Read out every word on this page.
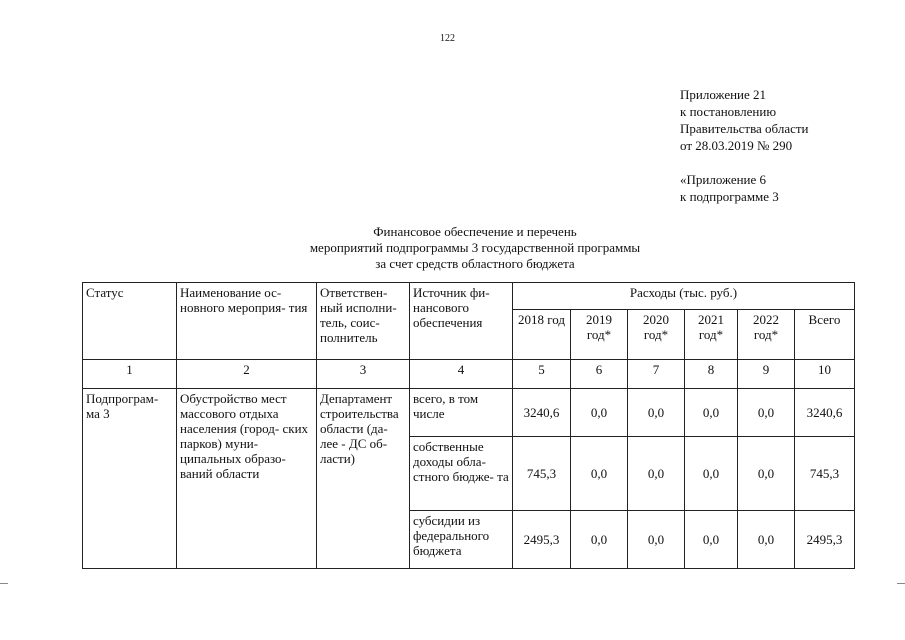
122
Приложение 21
к постановлению
Правительства области
от 28.03.2019 № 290
«Приложение 6
к подпрограмме 3
Финансовое обеспечение и перечень
мероприятий подпрограммы 3 государственной программы
за счет средств областного бюджета
Статус	Наименование ос- новного мероприя- тия	Ответствен- ный исполни- тель, соис- полнитель	Источник фи- нансового обеспечения	Расходы (тыс. руб.)					
				2018 год	2019 год*	2020 год*	2021 год*	2022 год*	Всего
1	2	3	4	5	6	7	8	9	10
Подпрограм- ма 3	Обустройство мест массового отдыха населения (город- ских парков) муни- ципальных образо- ваний области	Департамент строительства области (да- лее - ДС об- ласти)	всего, в том числе	3240,6	0,0	0,0	0,0	0,0	3240,6
			собственные доходы обла- стного бюдже- та	745,3	0,0	0,0	0,0	0,0	745,3
			субсидии из федерального бюджета	2495,3	0,0	0,0	0,0	0,0	2495,3
